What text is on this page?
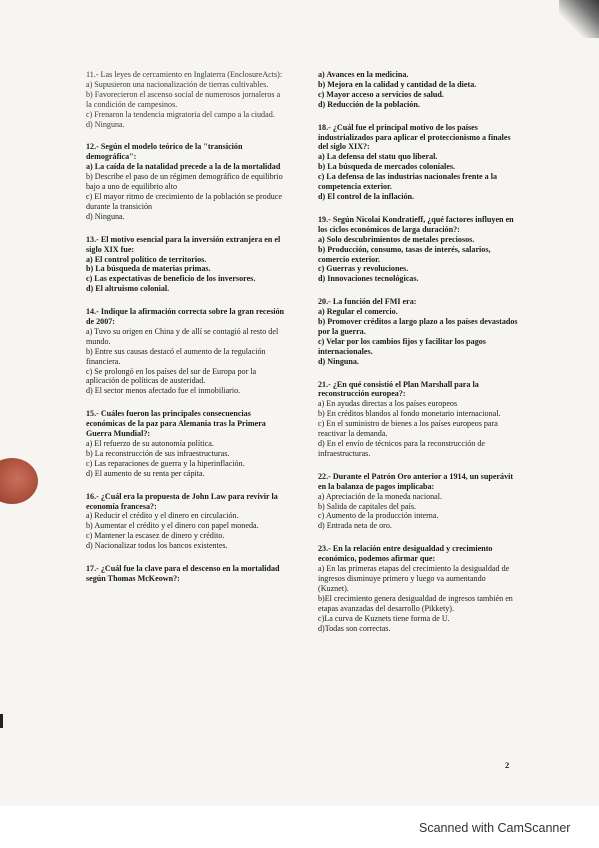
11.- Las leyes de cercamiento en Inglaterra (EnclosureActs):

a) Supusieron una nacionalización de tierras cultivables.

b) Favorecieron el ascenso social de numerosos jornaleros a la condición de campesinos.

c) Frenaron la tendencia migratoria del campo a la ciudad.

d) Ninguna.

12.- Según el modelo teórico de la "transición demográfica":

a) La caída de la natalidad precede a la de la mortalidad

b) Describe el paso de un régimen demográfico de equilibrio bajo a uno de equilibrio alto

c) El mayor ritmo de crecimiento de la población se produce durante la transición

d) Ninguna.

13.- El motivo esencial para la inversión extranjera en el siglo XIX fue:

a) El control político de territorios.

b) La búsqueda de materias primas.

c) Las expectativas de beneficio de los inversores.

d) El altruismo colonial.

14.- Indique la afirmación correcta sobre la gran recesión de 2007:

a) Tuvo su origen en China y de allí se contagió al resto del mundo.

b) Entre sus causas destacó el aumento de la regulación financiera.

c) Se prolongó en los países del sur de Europa por la aplicación de políticas de austeridad.

d) El sector menos afectado fue el inmobiliario.

15.- Cuáles fueron las principales consecuencias económicas de la paz para Alemania tras la Primera Guerra Mundial?:

a) El refuerzo de su autonomía política.

b) La reconstrucción de sus infraestructuras.

c) Las reparaciones de guerra y la hiperinflación.

d) El aumento de su renta per cápita.

16.- ¿Cuál era la propuesta de John Law para revivir la economía francesa?:

a) Reducir el crédito y el dinero en circulación.

b) Aumentar el crédito y el dinero con papel moneda.

c) Mantener la escasez de dinero y crédito.

d) Nacionalizar todos los bancos existentes.

17.- ¿Cuál fue la clave para el descenso en la mortalidad según Thomas McKeown?:

a) Avances en la medicina.

b) Mejora en la calidad y cantidad de la dieta.

c) Mayor acceso a servicios de salud.

d) Reducción de la población.

18.- ¿Cuál fue el principal motivo de los países industrializados para aplicar el proteccionismo a finales del siglo XIX?:

a) La defensa del statu quo liberal.

b) La búsqueda de mercados coloniales.

c) La defensa de las industrias nacionales frente a la competencia exterior.

d) El control de la inflación.

19.- Según Nicolai Kondratieff, ¿qué factores influyen en los ciclos económicos de larga duración?:

a) Solo descubrimientos de metales preciosos.

b) Producción, consumo, tasas de interés, salarios, comercio exterior.

c) Guerras y revoluciones.

d) Innovaciones tecnológicas.

20.- La función del FMI era:

a) Regular el comercio.

b) Promover créditos a largo plazo a los países devastados por la guerra.

c) Velar por los cambios fijos y facilitar los pagos internacionales.

d) Ninguna.

21.- ¿En qué consistió el Plan Marshall para la reconstrucción europea?:

a) En ayudas directas a los países europeos

b) En créditos blandos al fondo monetario internacional.

c) En el suministro de bienes a los países europeos para reactivar la demanda.

d) En el envío de técnicos para la reconstrucción de infraestructuras.

22.- Durante el Patrón Oro anterior a 1914, un superávit en la balanza de pagos implicaba:

a) Apreciación de la moneda nacional.

b) Salida de capitales del país.

c) Aumento de la producción interna.

d) Entrada neta de oro.

23.- En la relación entre desigualdad y crecimiento económico, podemos afirmar que:

a) En las primeras etapas del crecimiento la desigualdad de ingresos disminuye primero y luego va aumentando (Kuznet).

b)El crecimiento genera desigualdad de ingresos también en etapas avanzadas del desarrollo (Pikkety).

c)La curva de Kuznets tiene forma de U.

d)Todas son correctas.

2
Scanned with CamScanner
